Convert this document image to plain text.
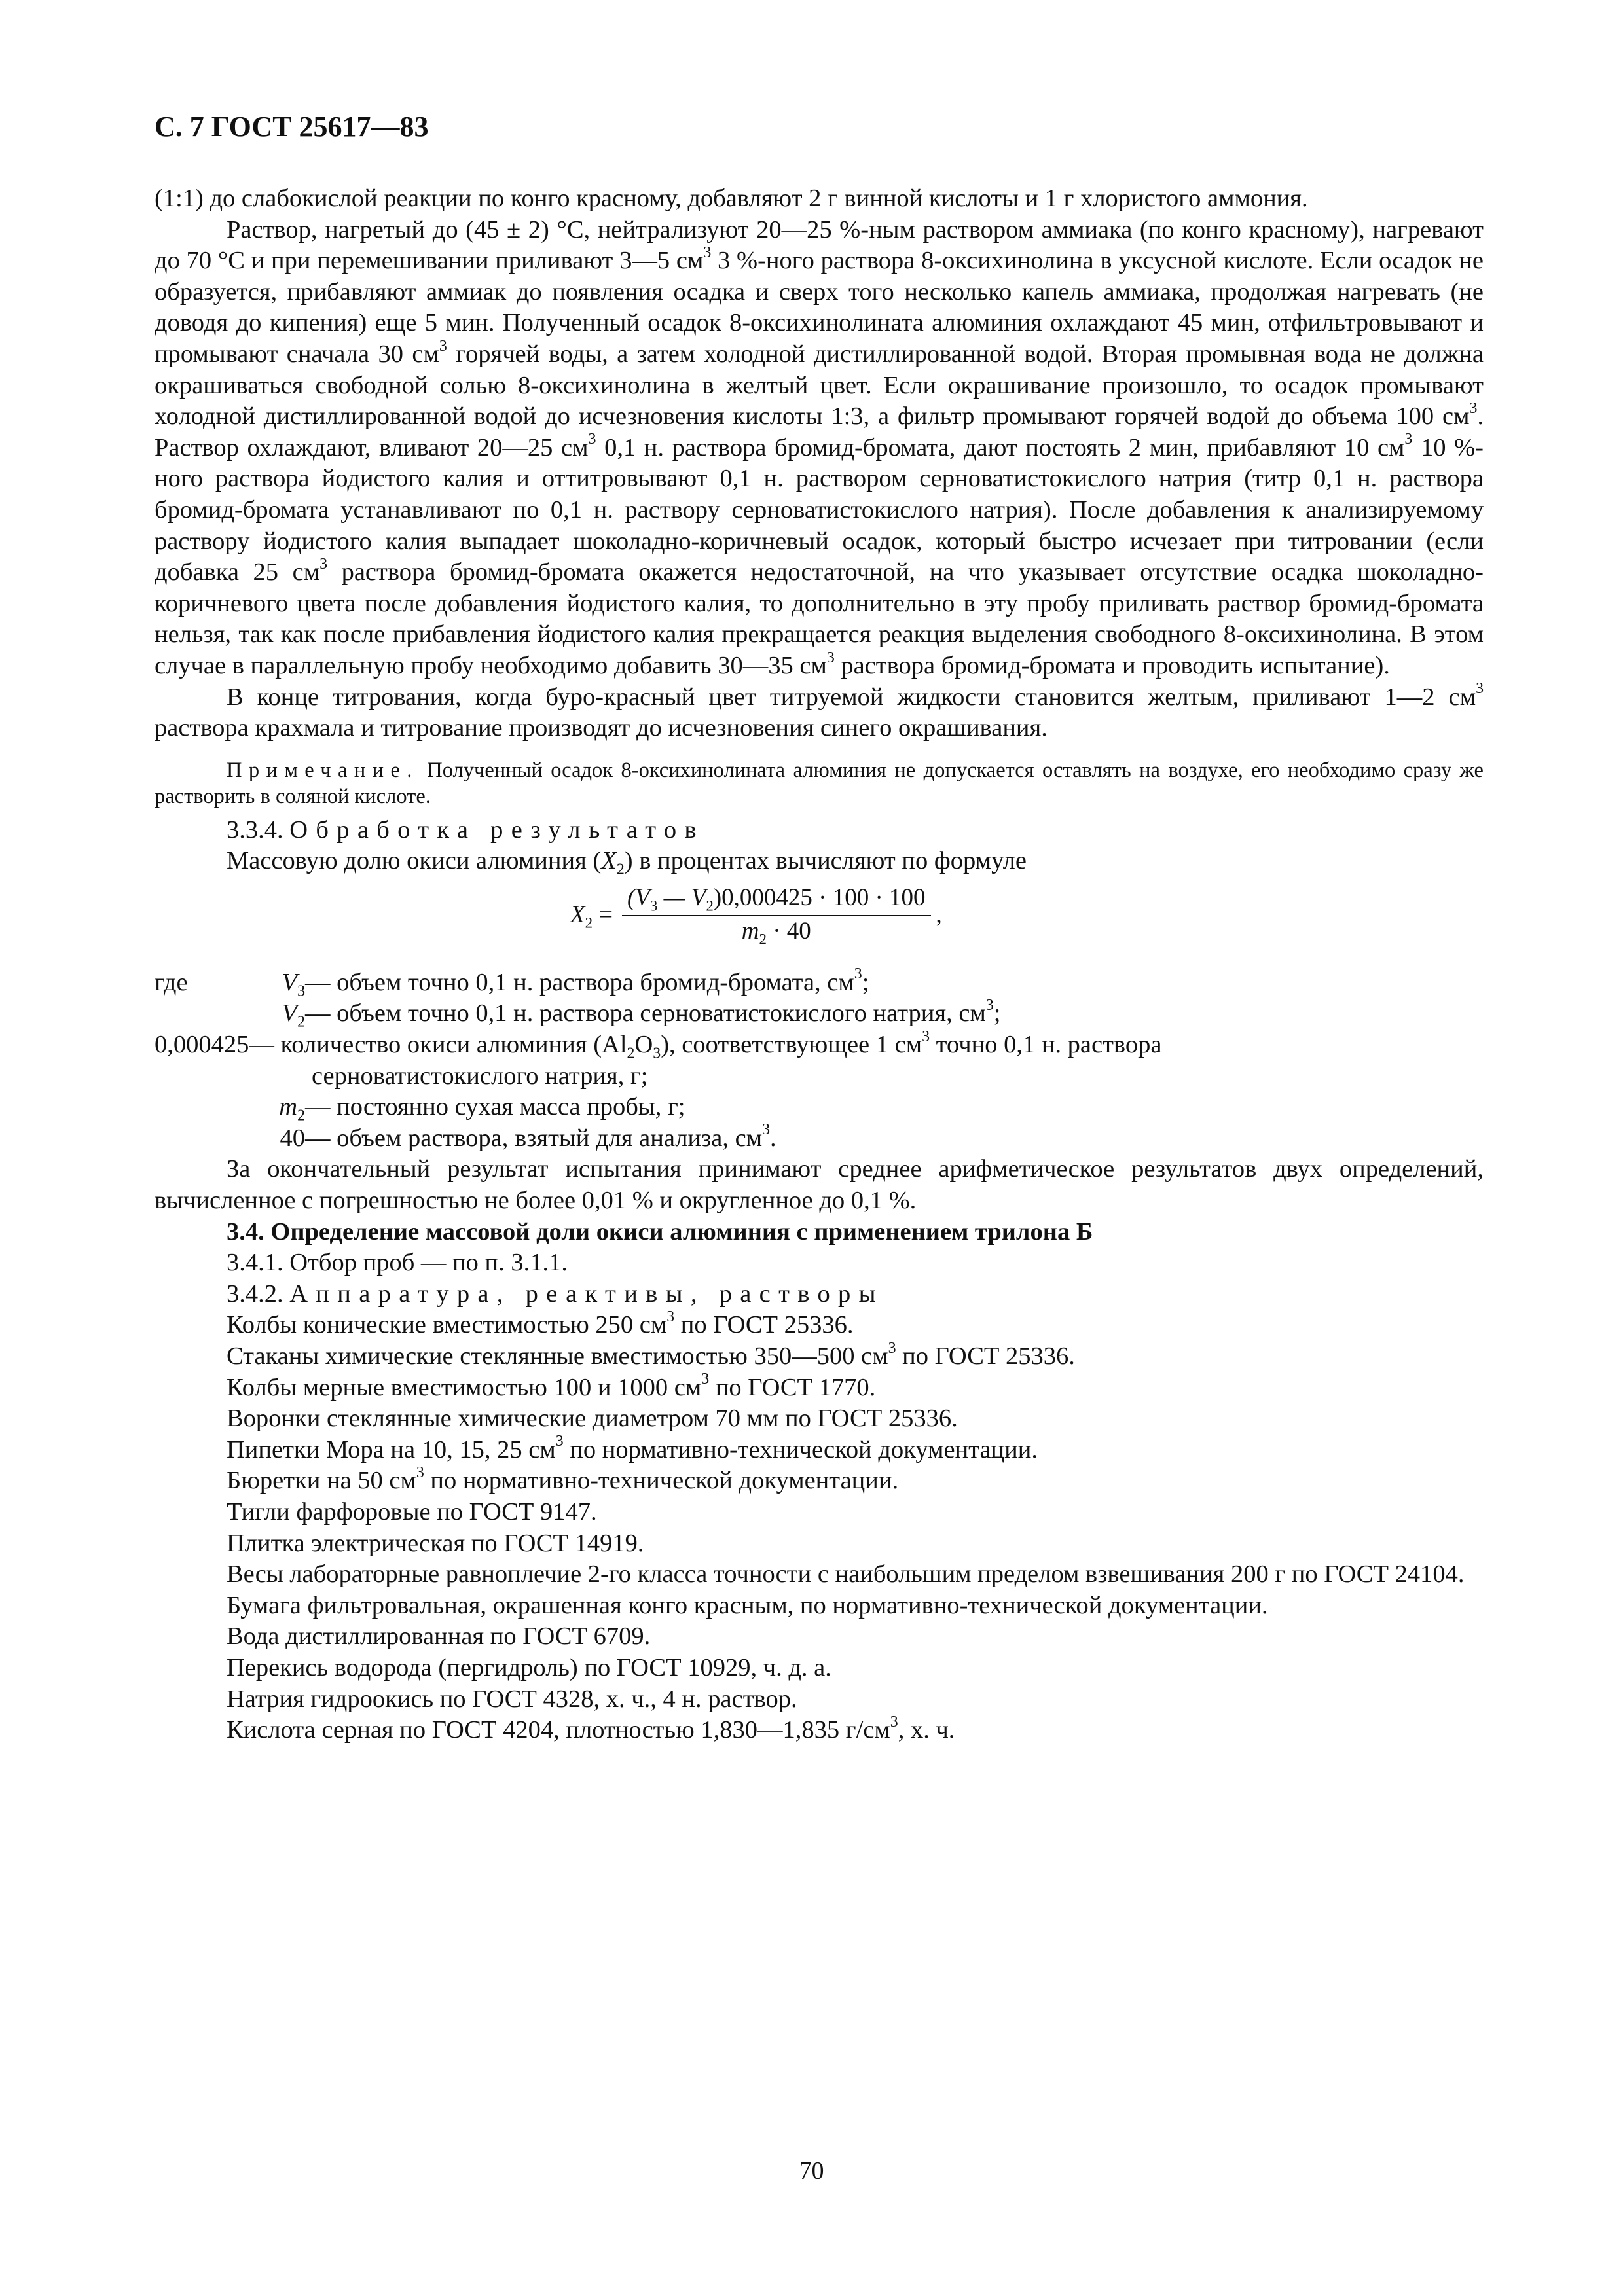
С. 7 ГОСТ 25617—83

(1:1) до слабокислой реакции по конго красному, добавляют 2 г винной кислоты и 1 г хлористого аммония.

Раствор, нагретый до (45 ± 2) °С, нейтрализуют 20—25 %-ным раствором аммиака (по конго красному), нагревают до 70 °С и при перемешивании приливают 3—5 $см^3$ 3 %-ного раствора 8-оксихинолина в уксусной кислоте. Если осадок не образуется, прибавляют аммиак до появления осадка и сверх того несколько капель аммиака, продолжая нагревать (не доводя до кипения) еще 5 мин. Полученный осадок 8-оксихинолината алюминия охлаждают 45 мин, отфильтровывают и промывают сначала 30 $см^3$ горячей воды, а затем холодной дистиллированной водой. Вторая промывная вода не должна окрашиваться свободной солью 8-оксихинолина в желтый цвет. Если окрашивание произошло, то осадок промывают холодной дистиллированной водой до исчезновения кислоты 1:3, а фильтр промывают горячей водой до объема 100 $см^3$. Раствор охлаждают, вливают 20—25 $см^3$ 0,1 н. раствора бромид-бромата, дают постоять 2 мин, прибавляют 10 $см^3$ 10 %-ного раствора йодистого калия и оттитровывают 0,1 н. раствором серноватистокислого натрия (титр 0,1 н. раствора бромид-бромата устанавливают по 0,1 н. раствору серноватистокислого натрия). После добавления к анализируемому раствору йодистого калия выпадает шоколадно-коричневый осадок, который быстро исчезает при титровании (если добавка 25 $см^3$ раствора бромид-бромата окажется недостаточной, на что указывает отсутствие осадка шоколадно-коричневого цвета после добавления йодистого калия, то дополнительно в эту пробу приливать раствор бромид-бромата нельзя, так как после прибавления йодистого калия прекращается реакция выделения свободного 8-оксихинолина. В этом случае в параллельную пробу необходимо добавить 30—35 $см^3$ раствора бромид-бромата и проводить испытание).

В конце титрования, когда буро-красный цвет титруемой жидкости становится желтым, приливают 1—2 $см^3$ раствора крахмала и титрование производят до исчезновения синего окрашивания.

Примечание. Полученный осадок 8-оксихинолината алюминия не допускается оставлять на воздухе, его необходимо сразу же растворить в соляной кислоте.

3.3.4. Обработка результатов

Массовую долю окиси алюминия $(X_2)$ в процентах вычисляют по формуле

$X_2 = \frac{(V_3 — V_2)0,000425 \cdot 100 \cdot 100}{m_2 \cdot 40}$ ,
где	$V_3$ — объем точно 0,1 н. раствора бромид-бромата, $см^3$;
$V_2$ — объем точно 0,1 н. раствора серноватистокислого натрия, $см^3$;
0,000425 — количество окиси алюминия $(Al_2O_3)$, соответствующее 1 $см^3$ точно 0,1 н. раствора
серноватистокислого натрия, г;
$m_2$ — постоянно сухая масса пробы, г;
40 — объем раствора, взятый для анализа, $см^3$.

За окончательный результат испытания принимают среднее арифметическое результатов двух определений, вычисленное с погрешностью не более 0,01 % и округленное до 0,1 %.

3.4. Определение массовой доли окиси алюминия с применением трилона Б

3.4.1. Отбор проб — по п. 3.1.1.

3.4.2. Аппаратура, реактивы, растворы

Колбы конические вместимостью 250 $см^3$ по ГОСТ 25336.

Стаканы химические стеклянные вместимостью 350—500 $см^3$ по ГОСТ 25336.

Колбы мерные вместимостью 100 и 1000 $см^3$ по ГОСТ 1770.

Воронки стеклянные химические диаметром 70 мм по ГОСТ 25336.

Пипетки Мора на 10, 15, 25 $см^3$ по нормативно-технической документации.

Бюретки на 50 $см^3$ по нормативно-технической документации.

Тигли фарфоровые по ГОСТ 9147.

Плитка электрическая по ГОСТ 14919.

Весы лабораторные равноплечие 2-го класса точности с наибольшим пределом взвешивания 200 г по ГОСТ 24104.

Бумага фильтровальная, окрашенная конго красным, по нормативно-технической документации.

Вода дистиллированная по ГОСТ 6709.

Перекись водорода (пергидроль) по ГОСТ 10929, ч. д. а.

Натрия гидроокись по ГОСТ 4328, х. ч., 4 н. раствор.

Кислота серная по ГОСТ 4204, плотностью 1,830—1,835 $г/см^3$, х. ч.

70
